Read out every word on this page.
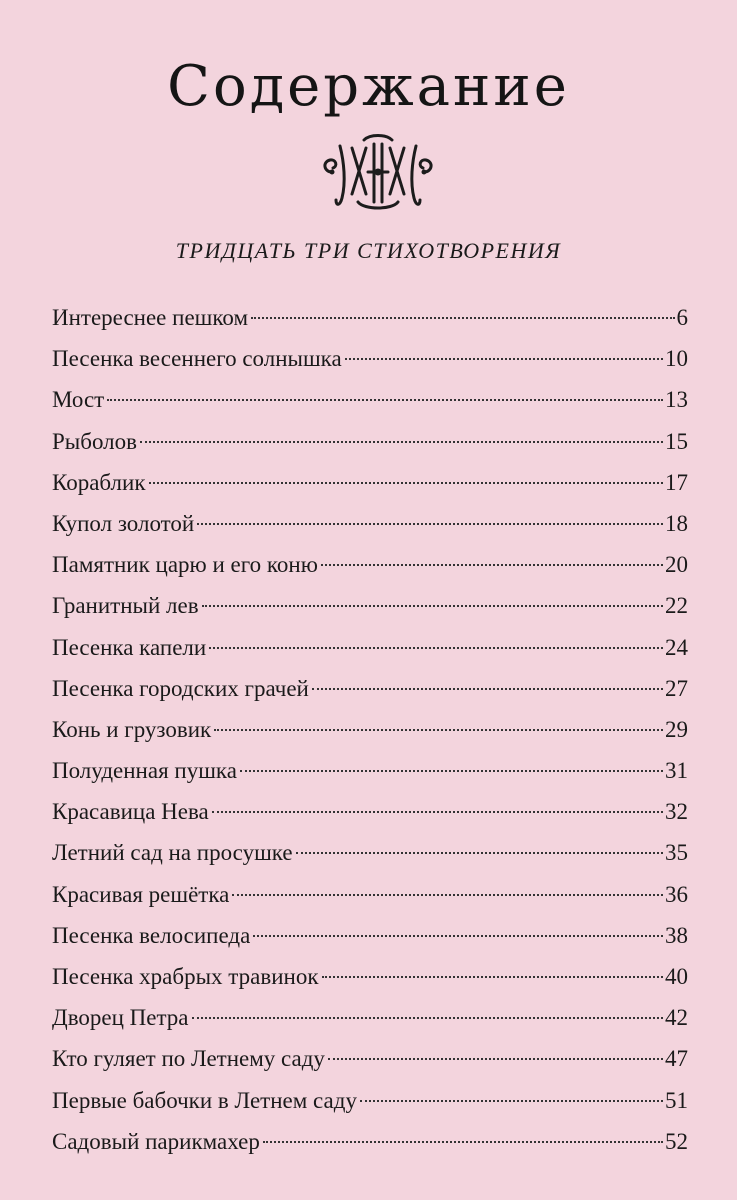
Содержание
ТРИДЦАТЬ ТРИ СТИХОТВОРЕНИЯ
Интереснее пешком	6
Песенка весеннего солнышка	10
Мост	13
Рыболов	15
Кораблик	17
Купол золотой	18
Памятник царю и его коню	20
Гранитный лев	22
Песенка капели	24
Песенка городских грачей	27
Конь и грузовик	29
Полуденная пушка	31
Красавица Нева	32
Летний сад на просушке	35
Красивая решётка	36
Песенка велосипеда	38
Песенка храбрых травинок	40
Дворец Петра	42
Кто гуляет по Летнему саду	47
Первые бабочки в Летнем саду	51
Садовый парикмахер	52
